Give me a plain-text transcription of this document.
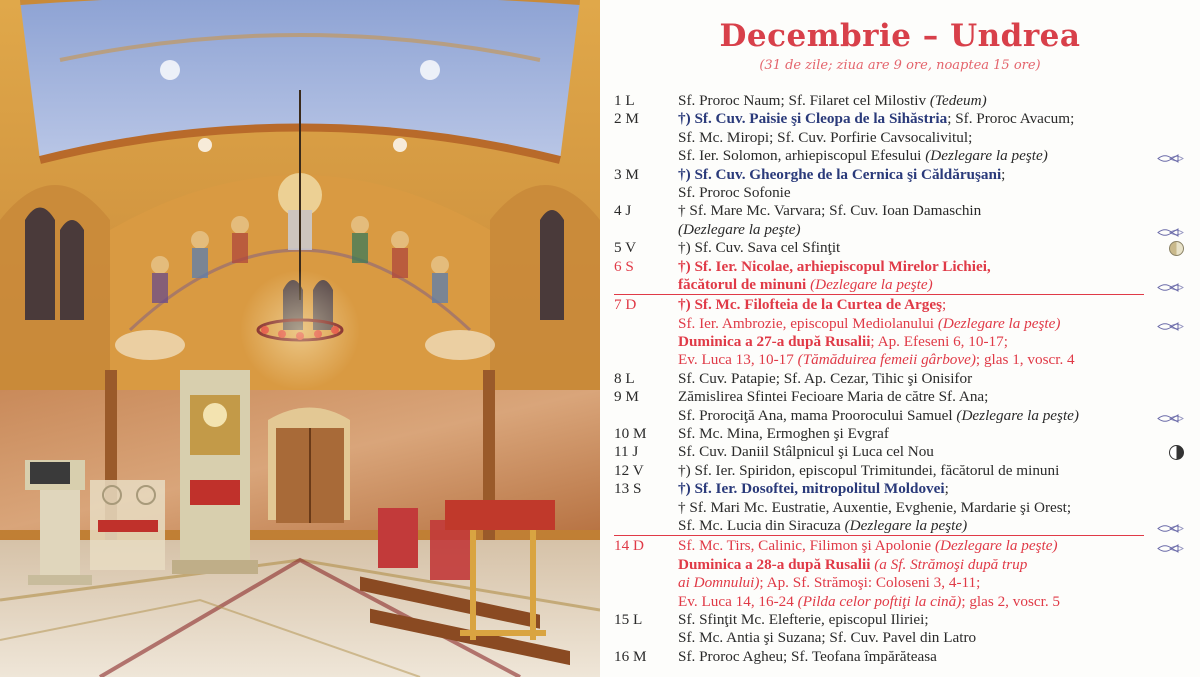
Decembrie – Undrea

(31 de zile; ziua are 9 ore, noaptea 15 ore)

1 L	Sf. Proroc Naum; Sf. Filaret cel Milostiv (Tedeum)
2 M	†) Sf. Cuv. Paisie şi Cleopa de la Sihăstria; Sf. Proroc Avacum;
Sf. Mc. Miropi; Sf. Cuv. Porfirie Cavsocalivitul;
Sf. Ier. Solomon, arhiepiscopul Efesului (Dezlegare la peşte)
3 M	†) Sf. Cuv. Gheorghe de la Cernica şi Căldăruşani;
Sf. Proroc Sofonie
4 J	† Sf. Mare Mc. Varvara; Sf. Cuv. Ioan Damaschin
(Dezlegare la peşte)
5 V	†) Sf. Cuv. Sava cel Sfinţit
6 S	†) Sf. Ier. Nicolae, arhiepiscopul Mirelor Lichiei,
făcătorul de minuni (Dezlegare la peşte)
7 D	†) Sf. Mc. Filofteia de la Curtea de Argeş;
Sf. Ier. Ambrozie, episcopul Mediolanului (Dezlegare la peşte)
Duminica a 27-a după Rusalii; Ap. Efeseni 6, 10-17;
Ev. Luca 13, 10-17 (Tămăduirea femeii gârbove); glas 1, voscr. 4
8 L	Sf. Cuv. Patapie; Sf. Ap. Cezar, Tihic şi Onisifor
9 M	Zămislirea Sfintei Fecioare Maria de către Sf. Ana;
Sf. Prorociţă Ana, mama Proorocului Samuel (Dezlegare la peşte)
10 M Sf. Mc. Mina, Ermoghen şi Evgraf
11 J	Sf. Cuv. Daniil Stâlpnicul şi Luca cel Nou
12 V †) Sf. Ier. Spiridon, episcopul Trimitundei, făcătorul de minuni
13 S †) Sf. Ier. Dosoftei, mitropolitul Moldovei;
† Sf. Mari Mc. Eustratie, Auxentie, Evghenie, Mardarie şi Orest;
Sf. Mc. Lucia din Siracuza (Dezlegare la peşte)
14 D Sf. Mc. Tirs, Calinic, Filimon şi Apolonie (Dezlegare la peşte)
Duminica a 28-a după Rusalii (a Sf. Strămoşi după trup
ai Domnului); Ap. Sf. Strămoşi: Coloseni 3, 4-11;
Ev. Luca 14, 16-24 (Pilda celor poftiţi la cină); glas 2, voscr. 5
15 L Sf. Sfinţit Mc. Elefterie, episcopul Iliriei;
Sf. Mc. Antia şi Suzana; Sf. Cuv. Pavel din Latro
16 M Sf. Proroc Agheu; Sf. Teofana împărăteasa
